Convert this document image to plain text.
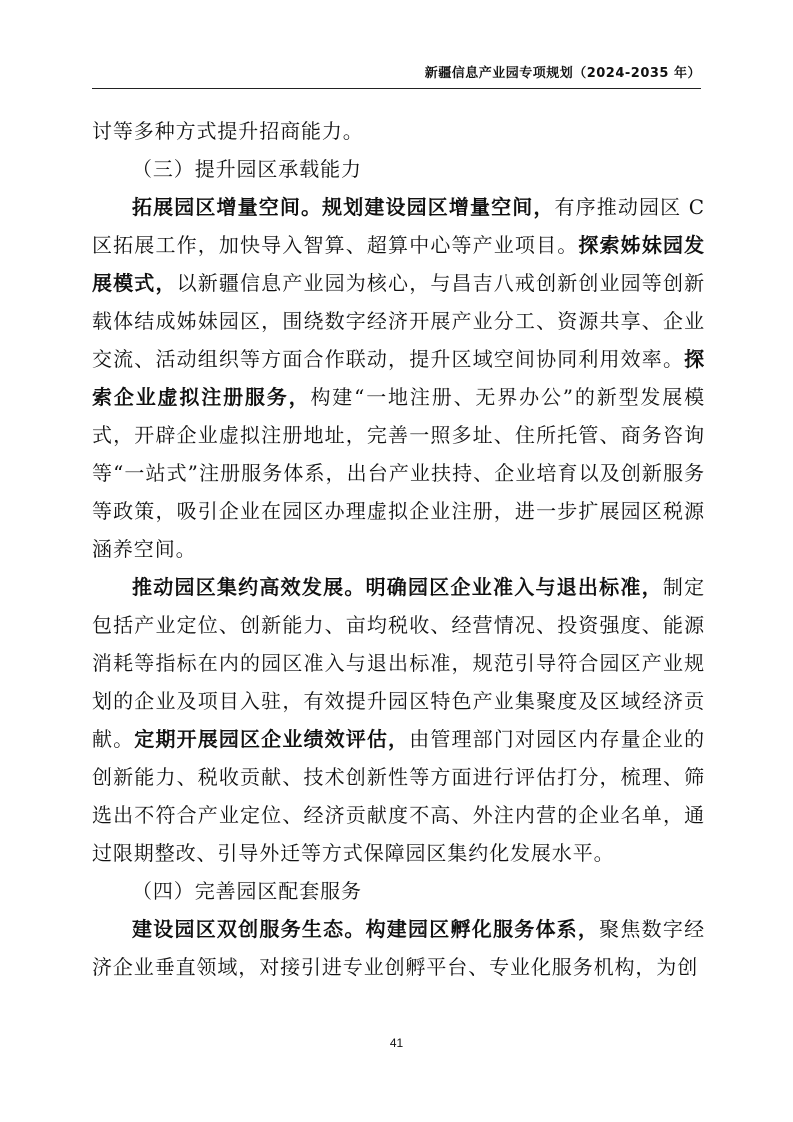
新疆信息产业园专项规划（2024-2035 年）

讨等多种方式提升招商能力。

（三）提升园区承载能力

拓展园区增量空间。规划建设园区增量空间，有序推动园区 C 区拓展工作，加快导入智算、超算中心等产业项目。探索姊妹园发展模式，以新疆信息产业园为核心，与昌吉八戒创新创业园等创新载体结成姊妹园区，围绕数字经济开展产业分工、资源共享、企业交流、活动组织等方面合作联动，提升区域空间协同利用效率。探索企业虚拟注册服务，构建“一地注册、无界办公”的新型发展模式，开辟企业虚拟注册地址，完善一照多址、住所托管、商务咨询等“一站式”注册服务体系，出台产业扶持、企业培育以及创新服务等政策，吸引企业在园区办理虚拟企业注册，进一步扩展园区税源涵养空间。

推动园区集约高效发展。明确园区企业准入与退出标准，制定包括产业定位、创新能力、亩均税收、经营情况、投资强度、能源消耗等指标在内的园区准入与退出标准，规范引导符合园区产业规划的企业及项目入驻，有效提升园区特色产业集聚度及区域经济贡献。定期开展园区企业绩效评估，由管理部门对园区内存量企业的创新能力、税收贡献、技术创新性等方面进行评估打分，梳理、筛选出不符合产业定位、经济贡献度不高、外注内营的企业名单，通过限期整改、引导外迁等方式保障园区集约化发展水平。

（四）完善园区配套服务

建设园区双创服务生态。构建园区孵化服务体系，聚焦数字经济企业垂直领域，对接引进专业创孵平台、专业化服务机构，为创

41
